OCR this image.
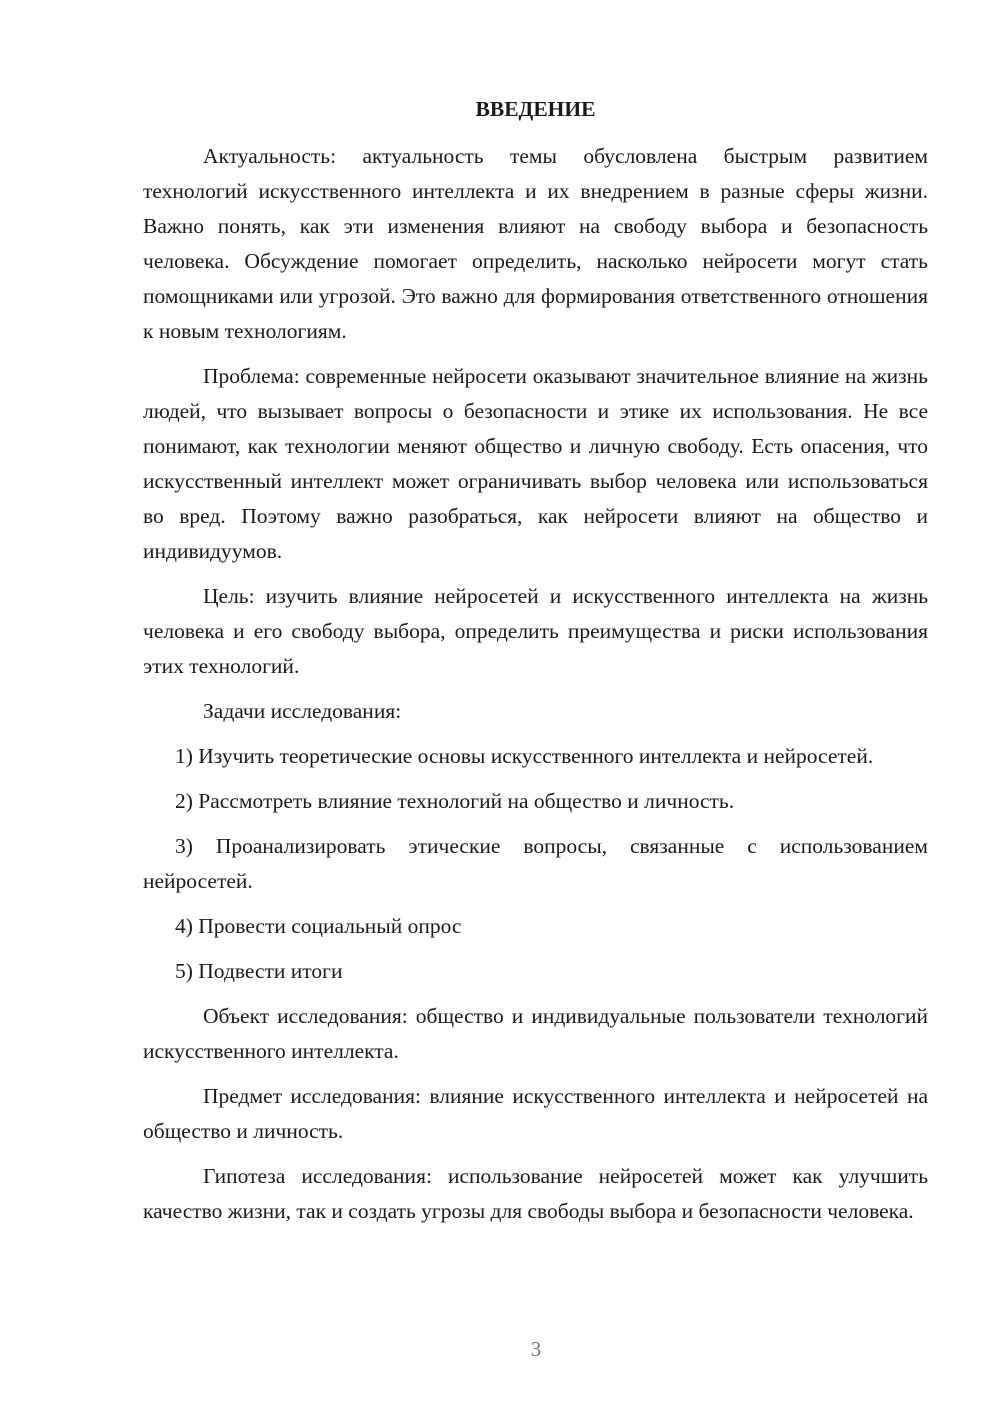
ВВЕДЕНИЕ

Актуальность: актуальность темы обусловлена быстрым развитием технологий искусственного интеллекта и их внедрением в разные сферы жизни. Важно понять, как эти изменения влияют на свободу выбора и безопасность человека. Обсуждение помогает определить, насколько нейросети могут стать помощниками или угрозой. Это важно для формирования ответственного отношения к новым технологиям.

Проблема: современные нейросети оказывают значительное влияние на жизнь людей, что вызывает вопросы о безопасности и этике их использования. Не все понимают, как технологии меняют общество и личную свободу. Есть опасения, что искусственный интеллект может ограничивать выбор человека или использоваться во вред. Поэтому важно разобраться, как нейросети влияют на общество и индивидуумов.

Цель: изучить влияние нейросетей и искусственного интеллекта на жизнь человека и его свободу выбора, определить преимущества и риски использования этих технологий.

Задачи исследования:

1) Изучить теоретические основы искусственного интеллекта и нейросетей.

2) Рассмотреть влияние технологий на общество и личность.

3) Проанализировать этические вопросы, связанные с использованием нейросетей.

4) Провести социальный опрос

5) Подвести итоги

Объект исследования: общество и индивидуальные пользователи технологий искусственного интеллекта.

Предмет исследования: влияние искусственного интеллекта и нейросетей на общество и личность.

Гипотеза исследования: использование нейросетей может как улучшить качество жизни, так и создать угрозы для свободы выбора и безопасности человека.

3
